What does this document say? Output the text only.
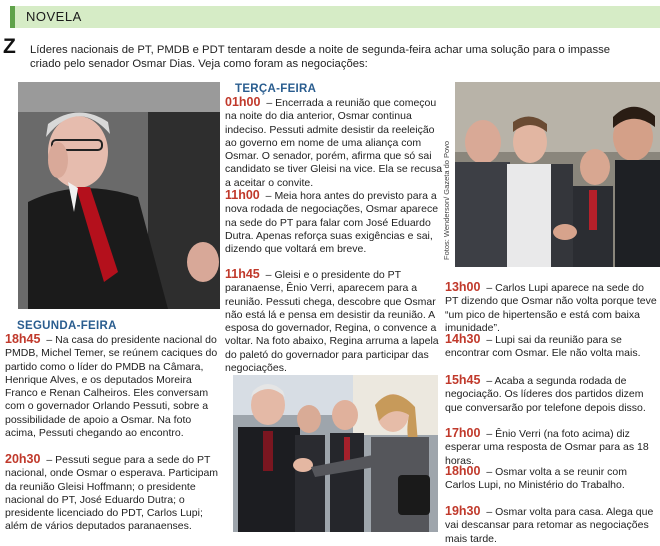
NOVELA
Z Líderes nacionais de PT, PMDB e PDT tentaram desde a noite de segunda-feira achar uma solução para o impasse criado pelo senador Osmar Dias. Veja como foram as negociações:
Fotos: Wenderson/ Gazeta do Povo
SEGUNDA-FEIRA
18h45 – Na casa do presidente nacional do PMDB, Michel Temer, se reúnem caciques do partido como o líder do PMDB na Câmara, Henrique Alves, e os deputados Moreira Franco e Renan Calheiros. Eles conversam com o governador Orlando Pessuti, sobre a possibilidade de apoio a Osmar. Na foto acima, Pessuti chegando ao encontro.
20h30 – Pessuti segue para a sede do PT nacional, onde Osmar o esperava. Participam da reunião Gleisi Hoffmann; o presidente nacional do PT, José Eduardo Dutra; o presidente licenciado do PDT, Carlos Lupi; além de vários deputados paranaenses.
TERÇA-FEIRA
01h00 – Encerrada a reunião que começou na noite do dia anterior, Osmar continua indeciso. Pessuti admite desistir da reeleição ao governo em nome de uma aliança com Osmar. O senador, porém, afirma que só sai candidato se tiver Gleisi na vice. Ela se recusa a aceitar o convite.
11h00 – Meia hora antes do previsto para a nova rodada de negociações, Osmar aparece na sede do PT para falar com José Eduardo Dutra. Apenas reforça suas exigências e sai, dizendo que voltará em breve.
11h45 – Gleisi e o presidente do PT paranaense, Ênio Verri, aparecem para a reunião. Pessuti chega, descobre que Osmar não está lá e pensa em desistir da reunião. A esposa do governador, Regina, o convence a voltar. Na foto abaixo, Regina arruma a lapela do paletó do governador para participar das negociações.
13h00 – Carlos Lupi aparece na sede do PT dizendo que Osmar não volta porque teve “um pico de hipertensão e está com baixa imunidade”.
14h30 – Lupi sai da reunião para se encontrar com Osmar. Ele não volta mais.
15h45 – Acaba a segunda rodada de negociação. Os líderes dos partidos dizem que conversarão por telefone depois disso.
17h00 – Ênio Verri (na foto acima) diz esperar uma resposta de Osmar para as 18 horas.
18h00 – Osmar volta a se reunir com Carlos Lupi, no Ministério do Trabalho.
19h30 – Osmar volta para casa. Alega que vai descansar para retomar as negociações mais tarde.
